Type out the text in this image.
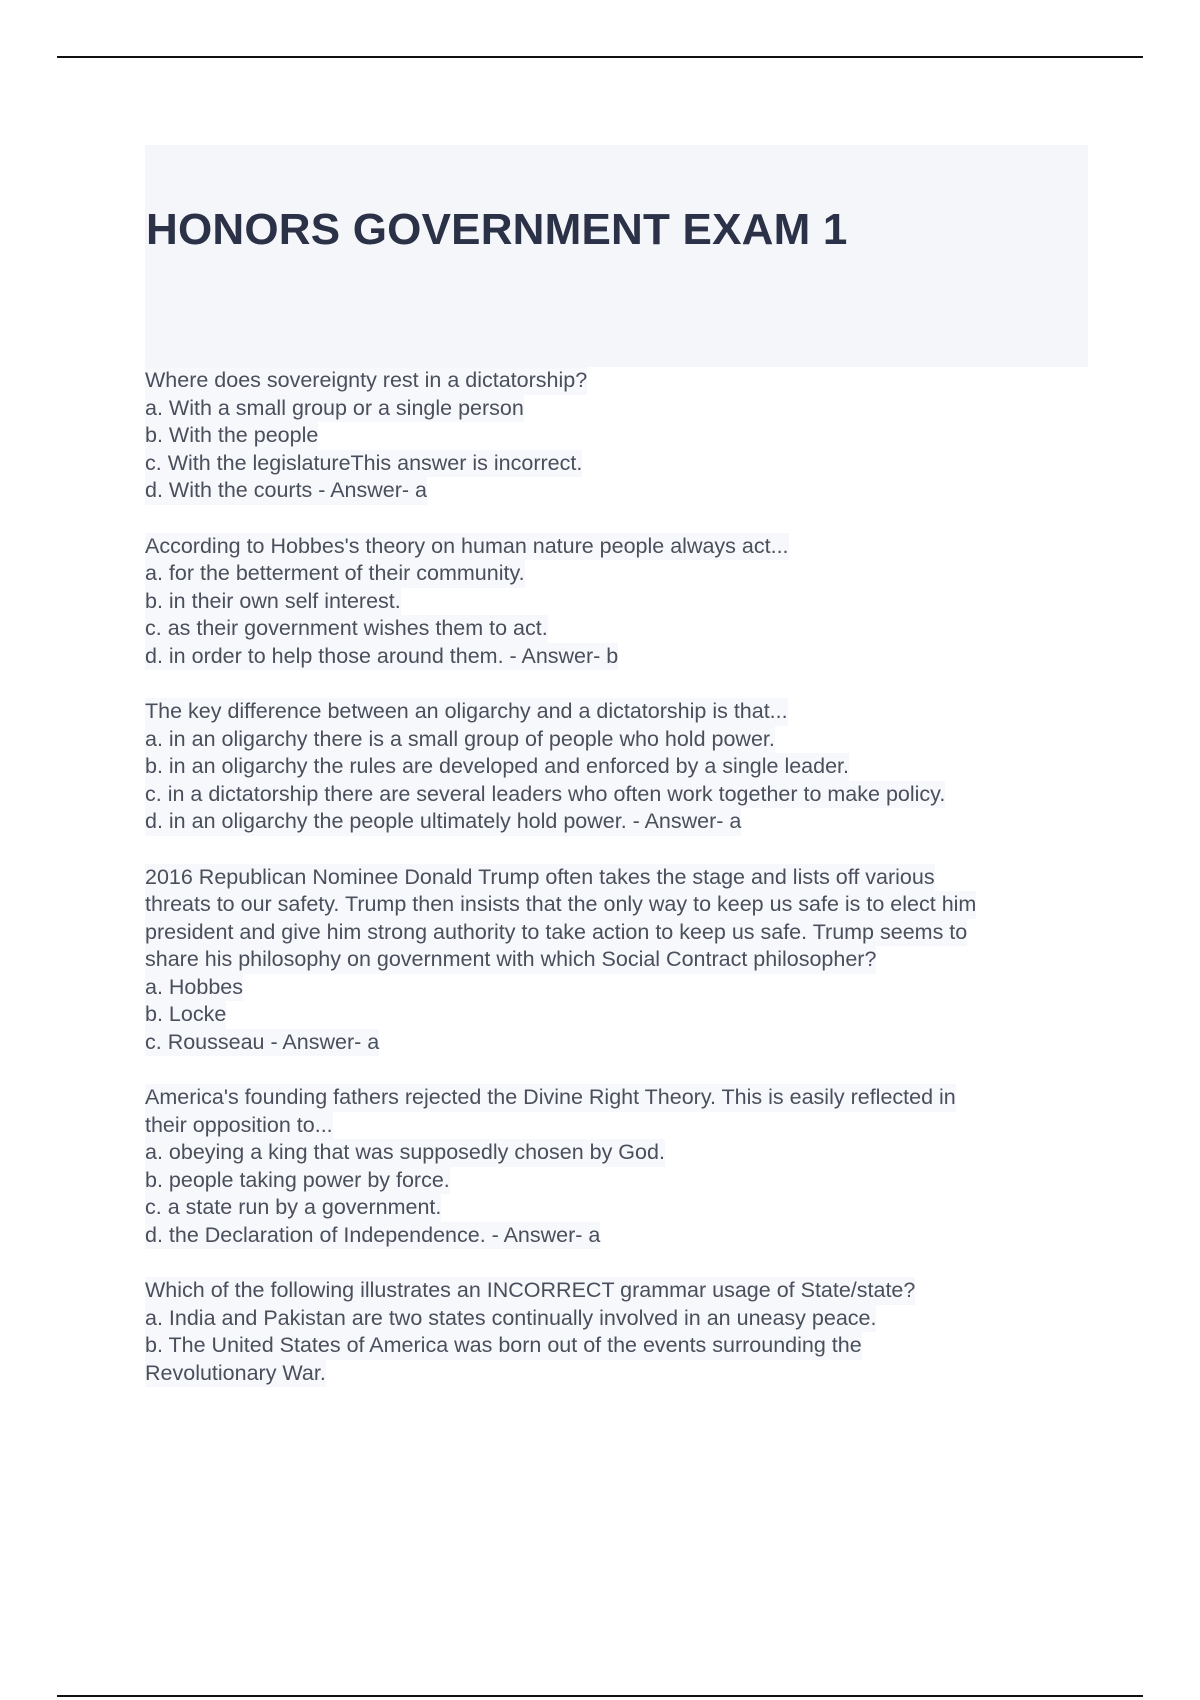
HONORS GOVERNMENT EXAM 1
Where does sovereignty rest in a dictatorship?
a. With a small group or a single person
b. With the people
c. With the legislatureThis answer is incorrect.
d. With the courts - Answer- a
According to Hobbes's theory on human nature people always act...
a. for the betterment of their community.
b. in their own self interest.
c. as their government wishes them to act.
d. in order to help those around them. - Answer- b
The key difference between an oligarchy and a dictatorship is that...
a. in an oligarchy there is a small group of people who hold power.
b. in an oligarchy the rules are developed and enforced by a single leader.
c. in a dictatorship there are several leaders who often work together to make policy.
d. in an oligarchy the people ultimately hold power. - Answer- a
2016 Republican Nominee Donald Trump often takes the stage and lists off various
threats to our safety. Trump then insists that the only way to keep us safe is to elect him
president and give him strong authority to take action to keep us safe. Trump seems to
share his philosophy on government with which Social Contract philosopher?
a. Hobbes
b. Locke
c. Rousseau - Answer- a
America's founding fathers rejected the Divine Right Theory. This is easily reflected in
their opposition to...
a. obeying a king that was supposedly chosen by God.
b. people taking power by force.
c. a state run by a government.
d. the Declaration of Independence. - Answer- a
Which of the following illustrates an INCORRECT grammar usage of State/state?
a. India and Pakistan are two states continually involved in an uneasy peace.
b. The United States of America was born out of the events surrounding the
Revolutionary War.
